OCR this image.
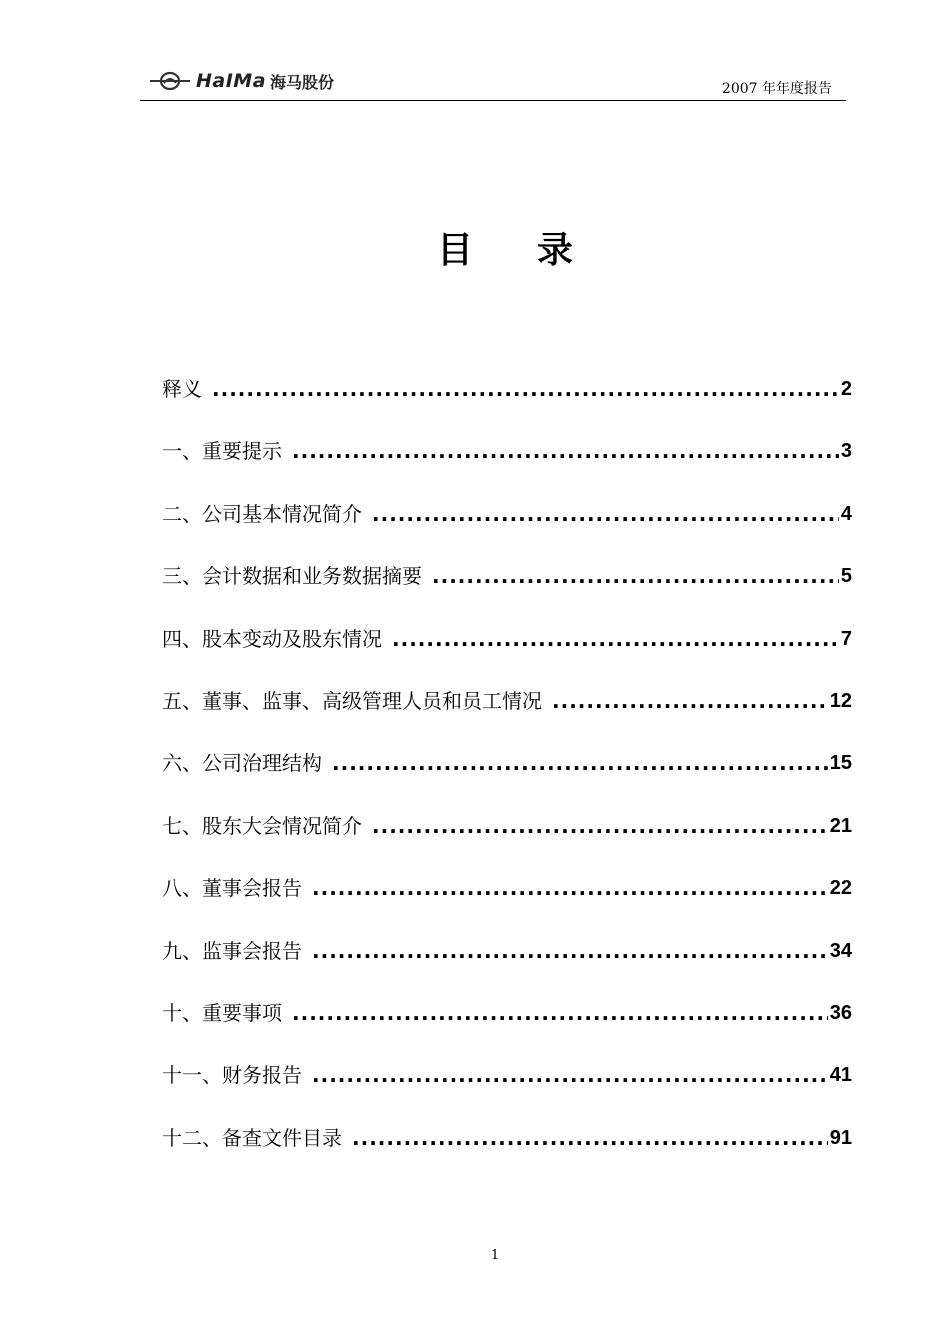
HaIMa 海马股份	2007 年年度报告
目 录
释义 .....	2
一、重要提示 .....	3
二、公司基本情况简介 .....	4
三、会计数据和业务数据摘要 .....	5
四、股本变动及股东情况 .....	7
五、董事、监事、高级管理人员和员工情况 .....	12
六、公司治理结构 .....	15
七、股东大会情况简介 .....	21
八、董事会报告 .....	22
九、监事会报告 .....	34
十、重要事项 .....	36
十一、财务报告 .....	41
十二、备查文件目录 .....	91
1
